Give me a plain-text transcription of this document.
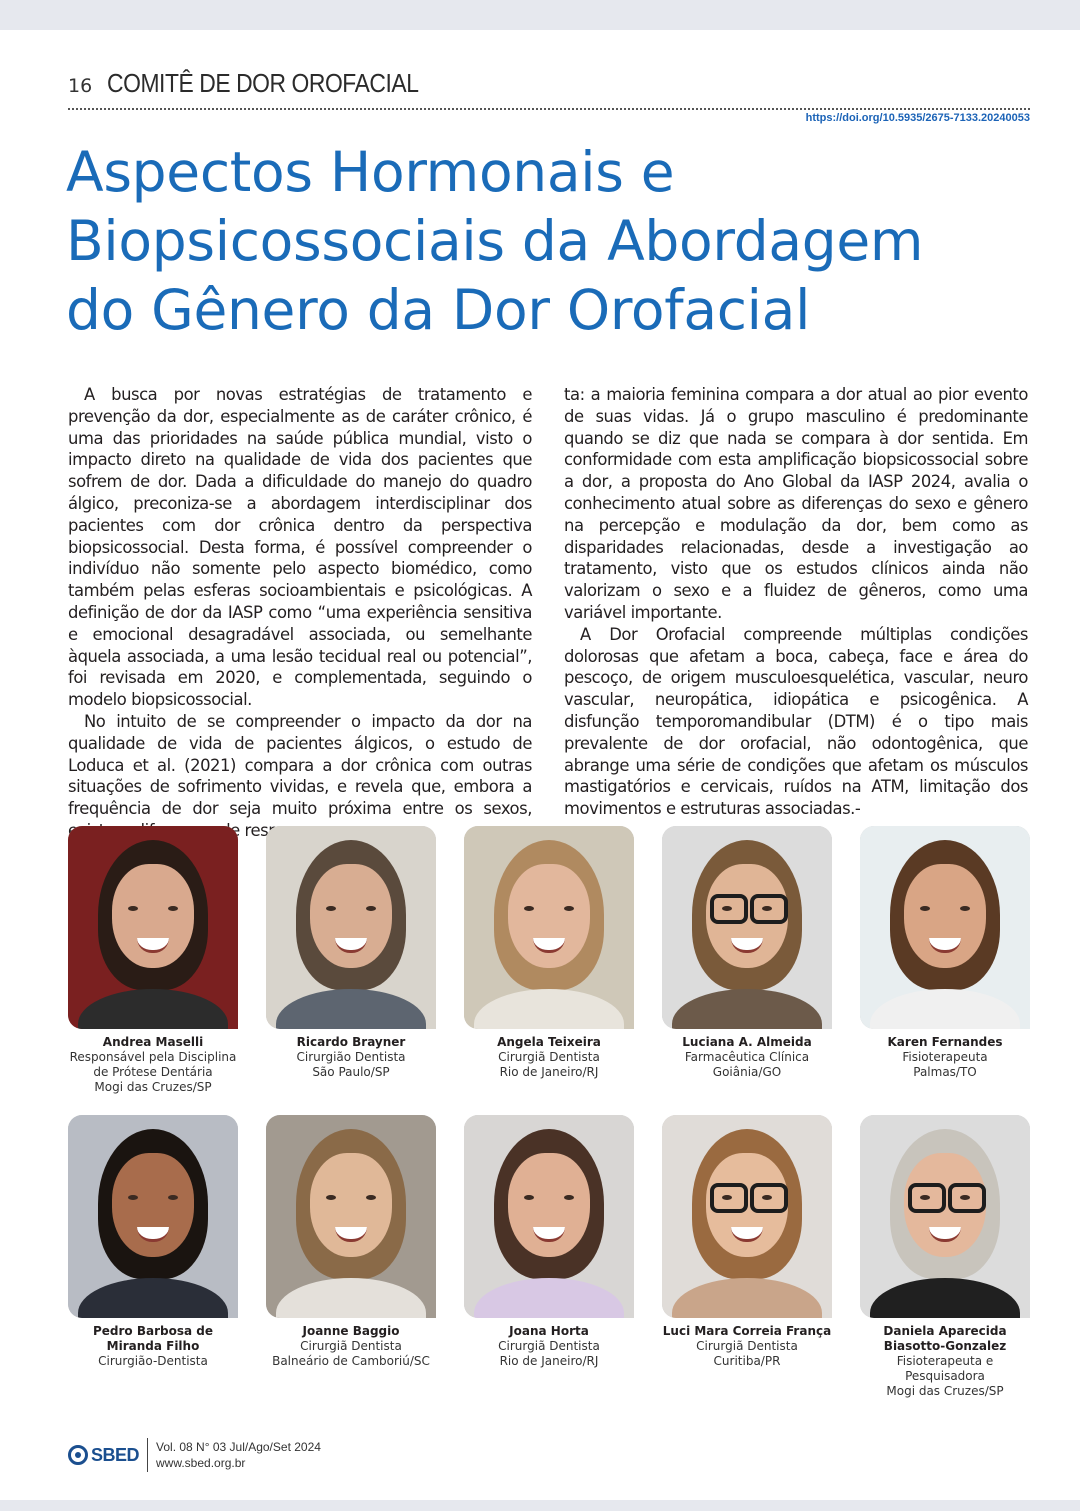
16 COMITÊ DE DOR OROFACIAL
https://doi.org/10.5935/2675-7133.20240053
Aspectos Hormonais e
Biopsicossociais da Abordagem
do Gênero da Dor Orofacial

A busca por novas estratégias de tratamento e prevenção da dor, especialmente as de caráter crônico, é uma das prioridades na saúde pública mundial, visto o impacto direto na qualidade de vida dos pacientes que sofrem de dor. Dada a dificuldade do manejo do quadro álgico, preconiza-se a abordagem interdisciplinar dos pacientes com dor crônica dentro da perspectiva biopsicossocial. Desta forma, é possível compreender o indivíduo não somente pelo aspecto biomédico, como também pelas esferas socioambientais e psicológicas. A definição de dor da IASP como “uma experiência sensitiva e emocional desagradável associada, ou semelhante àquela associada, a uma lesão tecidual real ou potencial”, foi revisada em 2020, e complementada, seguindo o modelo biopsicossocial.

No intuito de se compreender o impacto da dor na qualidade de vida de pacientes álgicos, o estudo de Loduca et al. (2021) compara a dor crônica com outras situações de sofrimento vividas, e revela que, embora a frequência de dor seja muito próxima entre os sexos,

ta: a maioria feminina compara a dor atual ao pior evento de suas vidas. Já o grupo masculino é predominante quando se diz que nada se compara à dor sentida. Em conformidade com esta amplificação biopsicossocial sobre a dor, a proposta do Ano Global da IASP 2024, avalia o conhecimento atual sobre as diferenças do sexo e gênero na percepção e modulação da dor, bem como as disparidades relacionadas, desde a investigação ao tratamento, visto que os estudos clínicos ainda não valorizam o sexo e a fluidez de gêneros, como uma variável importante.

A Dor Orofacial compreende múltiplas condições dolorosas que afetam a boca, cabeça, face e área do pescoço, de origem musculoesquelética, vascular, neuro vascular, neuropática, idiopática e psicogênica. A disfunção temporomandibular (DTM) é o tipo mais prevalente de dor orofacial, não odontogênica, que abrange uma série de condições que afetam os músculos mastigatórios e cervicais, ruídos na ATM, limitação dos movimentos e estruturas associadas.-

Andrea Maselli
Responsável pela Disciplina
de Prótese Dentária
Mogi das Cruzes/SP
Ricardo Brayner
Cirurgião Dentista
São Paulo/SP
Angela Teixeira
Cirurgiã Dentista
Rio de Janeiro/RJ
Luciana A. Almeida
Farmacêutica Clínica
Goiânia/GO
Karen Fernandes
Fisioterapeuta
Palmas/TO
Pedro Barbosa de Miranda Filho
Cirurgião-Dentista
Joanne Baggio
Cirurgiã Dentista
Balneário de Camboriú/SC
Joana Horta
Cirurgiã Dentista
Rio de Janeiro/RJ
Luci Mara Correia França
Cirurgiã Dentista
Curitiba/PR
Daniela Aparecida Biasotto-Gonzalez
Fisioterapeuta e
Pesquisadora
Mogi das Cruzes/SP
SBED Vol. 08 N° 03 Jul/Ago/Set 2024
www.sbed.org.br
